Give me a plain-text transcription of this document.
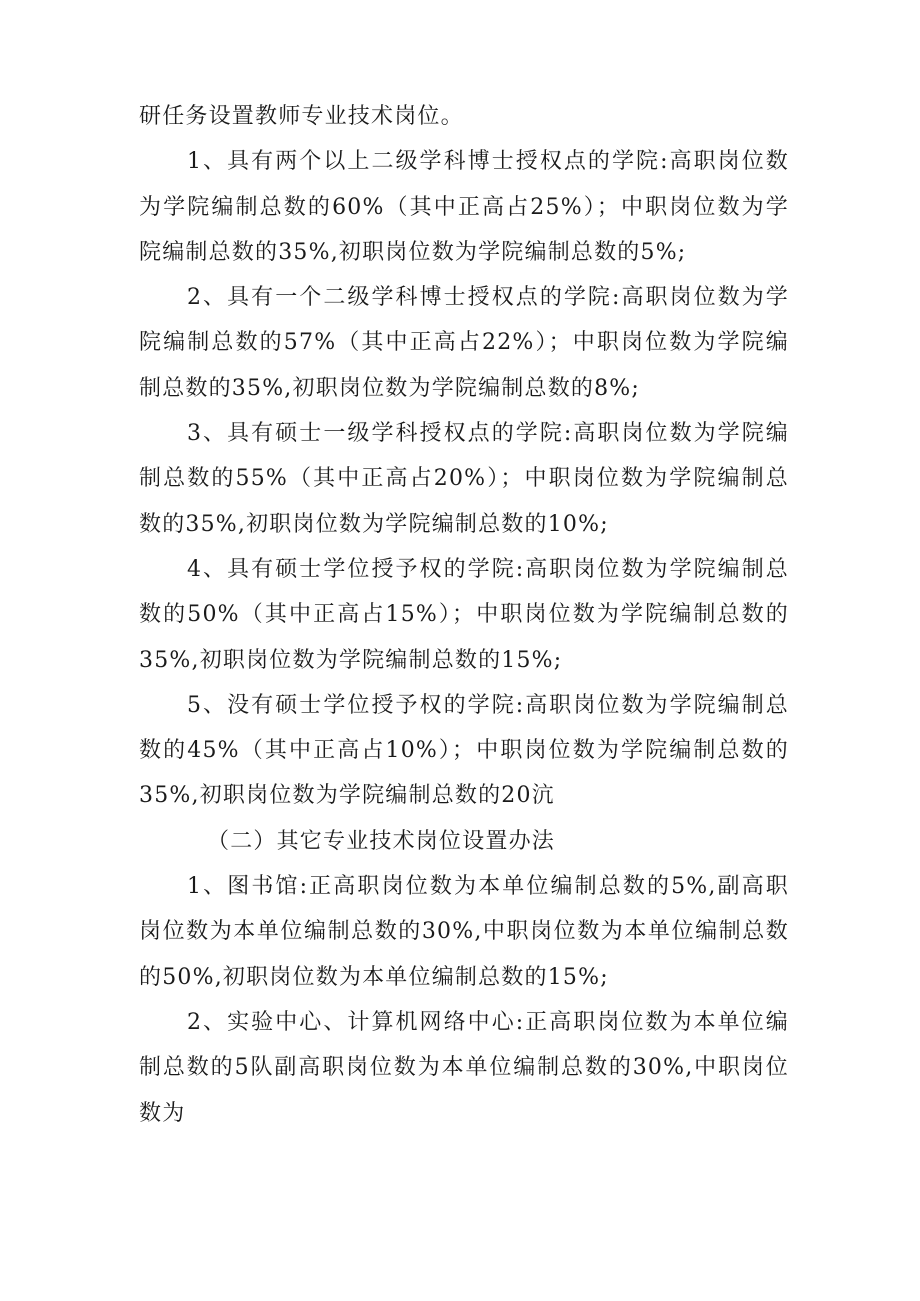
研任务设置教师专业技术岗位。

1、具有两个以上二级学科博士授权点的学院:高职岗位数为学院编制总数的60%（其中正高占25%）；中职岗位数为学院编制总数的35%,初职岗位数为学院编制总数的5%;

2、具有一个二级学科博士授权点的学院:高职岗位数为学院编制总数的57%（其中正高占22%）；中职岗位数为学院编制总数的35%,初职岗位数为学院编制总数的8%;

3、具有硕士一级学科授权点的学院:高职岗位数为学院编制总数的55%（其中正高占20%）；中职岗位数为学院编制总数的35%,初职岗位数为学院编制总数的10%;

4、具有硕士学位授予权的学院:高职岗位数为学院编制总数的50%（其中正高占15%）；中职岗位数为学院编制总数的35%,初职岗位数为学院编制总数的15%;

5、没有硕士学位授予权的学院:高职岗位数为学院编制总数的45%（其中正高占10%）；中职岗位数为学院编制总数的35%,初职岗位数为学院编制总数的20沆

（二）其它专业技术岗位设置办法

1、图书馆:正高职岗位数为本单位编制总数的5%,副高职岗位数为本单位编制总数的30%,中职岗位数为本单位编制总数的50%,初职岗位数为本单位编制总数的15%;

2、实验中心、计算机网络中心:正高职岗位数为本单位编制总数的5队副高职岗位数为本单位编制总数的30%,中职岗位数为
